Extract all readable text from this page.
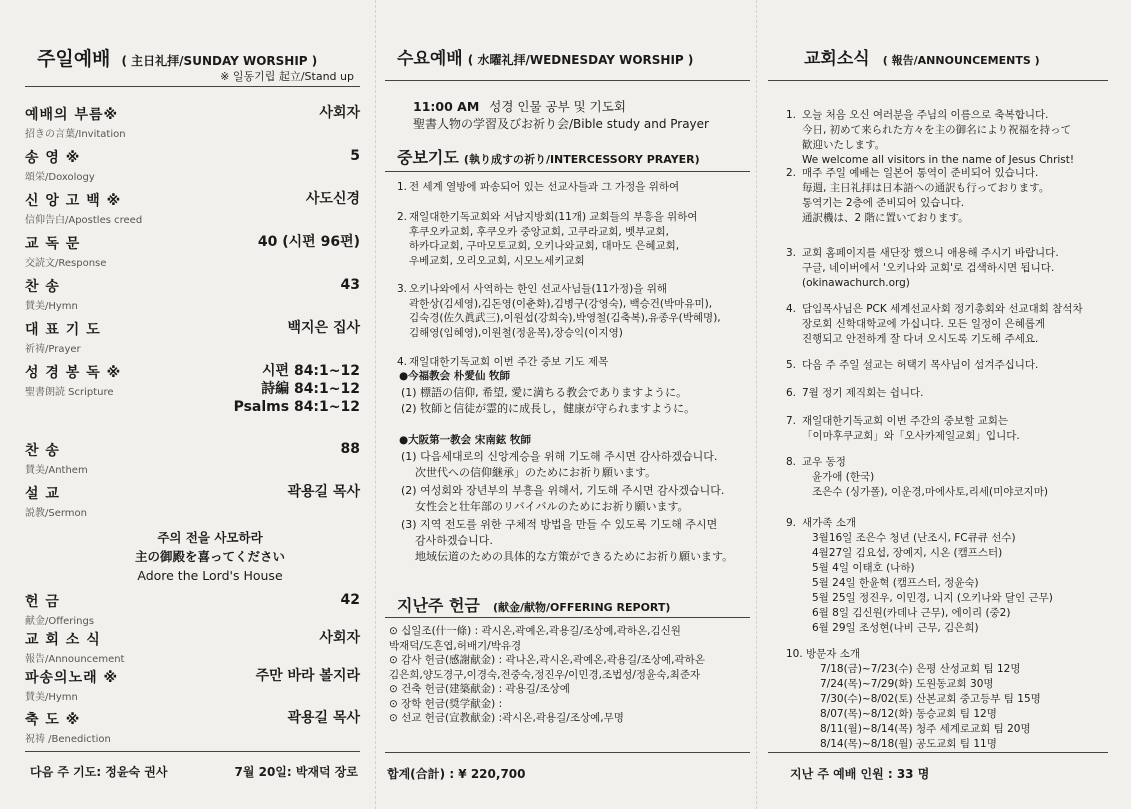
주일예배 ( 主日礼拝/SUNDAY WORSHIP )
※ 일동기립 起立/Stand up
예배의 부름※
招きの言葉/Invitation
사회자
송 영 ※
頌栄/Doxology
5
신 앙 고 백 ※
信仰告白/Apostles creed
사도신경
교 독 문
交読文/Response
40 (시편 96편)
찬 송
賛美/Hymn
43
대 표 기 도
祈祷/Prayer
백지은 집사
성 경 봉 독 ※
聖書朗読 Scripture
시편 84:1~12
詩編 84:1~12
Psalms 84:1~12
찬 송
賛美/Anthem
88
설 교
説教/Sermon
곽용길 목사
헌 금
献金/Offerings
42
교 회 소 식
報告/Announcement
사회자
파송의노래 ※
賛美/Hymn
주만 바라 볼지라
축 도 ※
祝祷 /Benediction
곽용길 목사
주의 전을 사모하라
主の御殿を喜ってください
Adore the Lord's House
다음 주 기도: 정윤숙 권사	7월 20일: 박재덕 장로
수요예배 ( 水曜礼拝/WEDNESDAY WORSHIP )
11:00 AM 성경 인물 공부 및 기도회
聖書人物の学習及びお祈り会/Bible study and Prayer
중보기도 (執り成すの祈り/INTERCESSORY PRAYER)
1. 전 세계 열방에 파송되어 있는 선교사들과 그 가정을 위하여
2. 재일대한기독교회와 서남지방회(11개) 교회들의 부흥을 위하여
후쿠오카교회, 후쿠오카 중앙교회, 고쿠라교회, 벳부교회,
하카다교회, 구마모토교회, 오키나와교회, 대마도 은혜교회,
우베교회, 오리오교회, 시모노세키교회
3. 오키나와에서 사역하는 한인 선교사님들(11가정)을 위해
곽한상(김세영),김돈영(이춘화),김병구(강영숙), 백승건(박마유미),
김숙경(佐久眞武三),이원섭(강희숙),박영철(김축복),유종우(박혜명),
김해영(임혜영),이원철(정윤목),장승익(이지영)
4. 재일대한기독교회 이번 주간 중보 기도 제목
●今福教会 朴愛仙 牧師
(1) 標語の信仰, 希望, 愛に満ちる教会でありますように。
(2) 牧師と信徒が霊的に成長し，健康が守られますように。
●大阪第一教会 宋南鉉 牧師
(1) 다음세대로의 신앙계승을 위해 기도해 주시면 감사하겠습니다.
次世代への信仰継承」のためにお祈り願います。
(2) 여성회와 장년부의 부흥을 위해서, 기도해 주시면 감사겠습니다.
女性会と壮年部のリバイバルのためにお祈り願います。
(3) 지역 전도를 위한 구체적 방법을 만들 수 있도록 기도해 주시면
감사하겠습니다.
地域伝道のための具体的な方策ができるためにお祈り願います。
지난주 헌금 (献金/献物/OFFERING REPORT)

⊙ 십일조(什一條) : 곽시온,곽예온,곽용길/조상예,곽하온,김신원

박재덕/도흔엽,허배기/박유경

⊙ 감사 헌금(感謝献金) : 곽나온,곽시온,곽예온,곽용길/조상예,곽하온

김은희,양도경구,이경숙,전중숙,정진우/이민경,조법성/정윤숙,최준자

⊙ 건축 헌금(建築献金) : 곽용길/조상예

⊙ 장학 헌금(奨学献金) :

⊙ 선교 헌금(宣教献金) :곽시온,곽용길/조상예,무명

합계(合計) : ¥ 220,700
교회소식 ( 報告/ANNOUNCEMENTS )
1. 오늘 처음 오신 여러분을 주님의 이름으로 축복합니다.
今日, 初めて来られた方々を主の御名により祝福を持って
歓迎いたします。
We welcome all visitors in the name of Jesus Christ!
2. 매주 주일 예배는 일본어 통역이 준비되어 있습니다.
毎週, 主日礼拝は日本語への通訳も行っております。
통역기는 2층에 준비되어 있습니다.
通訳機は、2 階に置いております。
3. 교회 홈페이지를 새단장 했으니 애용해 주시기 바랍니다.
구글, 네이버에서 '오키나와 교회'로 검색하시면 됩니다.
(okinawachurch.org)
4. 담임목사님은 PCK 세계선교사회 정기총회와 선교대회 참석차
장로회 신학대학교에 가십니다. 모든 일정이 은혜롭게
진행되고 안전하게 잘 다녀 오시도록 기도해 주세요.
5. 다음 주 주일 설교는 허택기 목사님이 섬겨주십니다.
6. 7월 정기 제직회는 쉽니다.
7. 재일대한기독교회 이번 주간의 중보할 교회는
「이마후쿠교회」와「오사카제일교회」입니다.
8. 교우 동정
윤가애 (한국)
조은수 (싱가폴), 이운경,마에사토,리세(미야코지마)
9. 새가족 소개
3월16일 조은수 청년 (난조시, FC큐큐 선수)
4월27일 김요섭, 장예지, 시온 (캠프스터)
5월 4일 이태호 (나하)
5월 24일 한윤혁 (캠프스터, 정윤숙)
5월 25일 정진우, 이민경, 니지 (오키나와 달인 근무)
6월 8일 김신원(카데나 근무), 에이리 (중2)
6월 29일 조성현(나비 근무, 김은희)
10. 방문자 소개
7/18(금)~7/23(수) 은평 산성교회 팀 12명
7/24(목)~7/29(화) 도원동교회 30명
7/30(수)~8/02(토) 산본교회 중고등부 팀 15명
8/07(목)~8/12(화) 동승교회 팀 12명
8/11(월)~8/14(목) 청주 세계로교회 팀 20명
8/14(목)~8/18(월) 공도교회 팀 11명
지난 주 예배 인원 : 33 명
